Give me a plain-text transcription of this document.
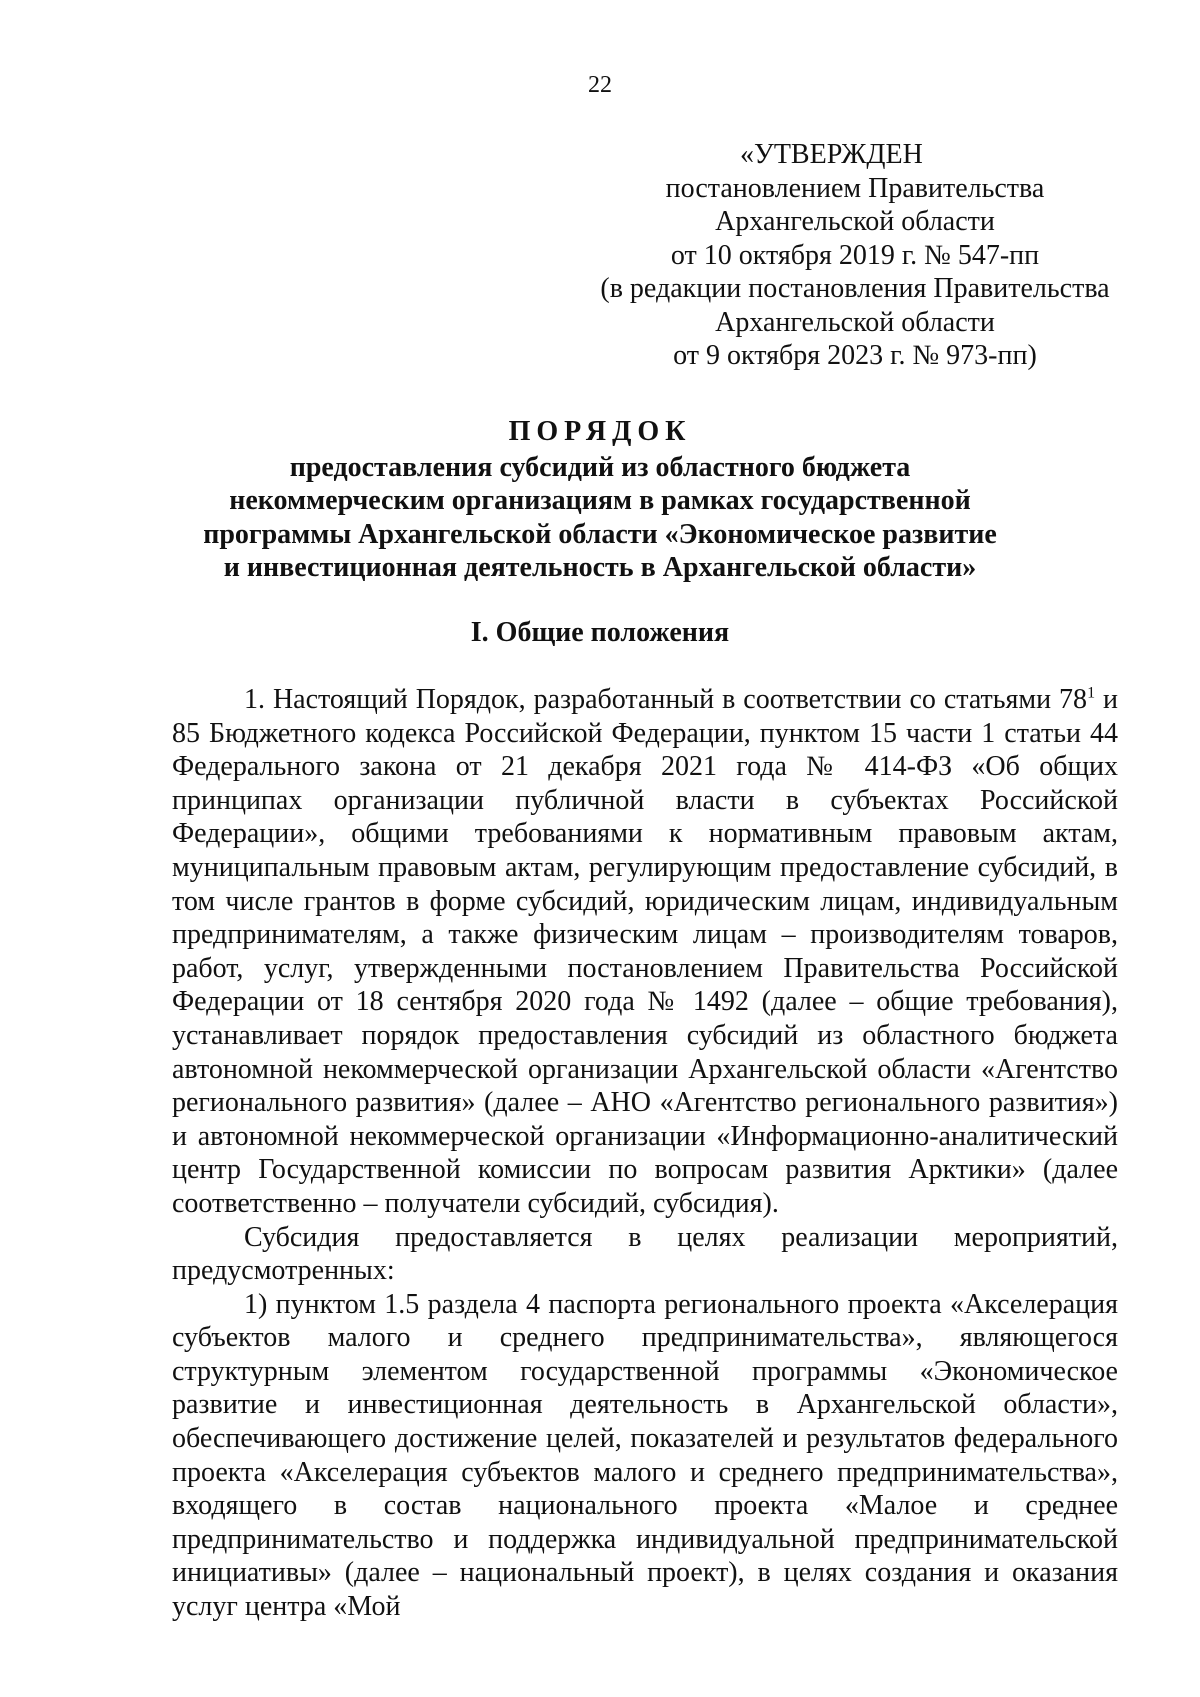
22
«УТВЕРЖДЕН
постановлением Правительства
Архангельской области
от 10 октября 2019 г. № 547-пп
(в редакции постановления Правительства
Архангельской области
от 9 октября 2023 г. № 973-пп)
ПОРЯДОК
предоставления субсидий из областного бюджета
некоммерческим организациям в рамках государственной
программы Архангельской области «Экономическое развитие
и инвестиционная деятельность в Архангельской области»
I. Общие положения

1. Настоящий Порядок, разработанный в соответствии со статьями $78^1$ и 85 Бюджетного кодекса Российской Федерации, пунктом 15 части 1 статьи 44 Федерального закона от 21 декабря 2021 года № 414-ФЗ «Об общих принципах организации публичной власти в субъектах Российской Федерации», общими требованиями к нормативным правовым актам, муниципальным правовым актам, регулирующим предоставление субсидий, в том числе грантов в форме субсидий, юридическим лицам, индивидуальным предпринимателям, а также физическим лицам – производителям товаров, работ, услуг, утвержденными постановлением Правительства Российской Федерации от 18 сентября 2020 года № 1492 (далее – общие требования), устанавливает порядок предоставления субсидий из областного бюджета автономной некоммерческой организации Архангельской области «Агентство регионального развития» (далее – АНО «Агентство регионального развития») и автономной некоммерческой организации «Информационно-аналитический центр Государственной комиссии по вопросам развития Арктики» (далее соответственно – получатели субсидий, субсидия).

Субсидия предоставляется в целях реализации мероприятий, предусмотренных:

1) пунктом 1.5 раздела 4 паспорта регионального проекта «Акселерация субъектов малого и среднего предпринимательства», являющегося структурным элементом государственной программы «Экономическое развитие и инвестиционная деятельность в Архангельской области», обеспечивающего достижение целей, показателей и результатов федерального проекта «Акселерация субъектов малого и среднего предпринимательства», входящего в состав национального проекта «Малое и среднее предпринимательство и поддержка индивидуальной предпринимательской инициативы» (далее – национальный проект), в целях создания и оказания услуг центра «Мой
